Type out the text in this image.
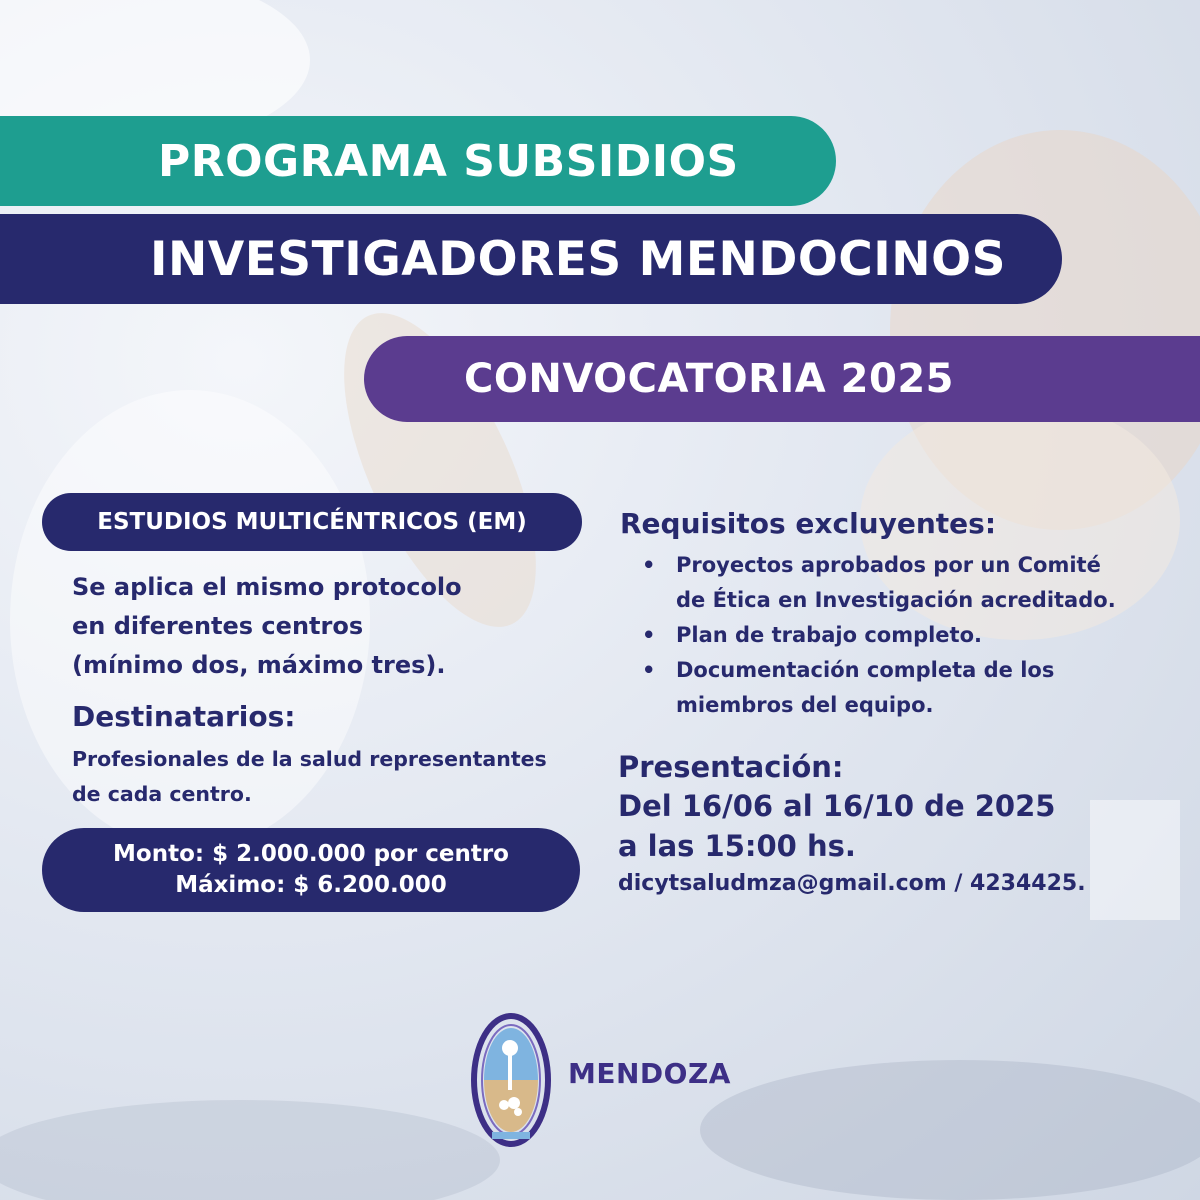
PROGRAMA SUBSIDIOS
INVESTIGADORES MENDOCINOS
CONVOCATORIA 2025
ESTUDIOS MULTICÉNTRICOS (EM)
Se aplica el mismo protocolo
en diferentes centros
(mínimo dos, máximo tres).
Destinatarios:
Profesionales de la salud representantes
de cada centro.
Monto: $ 2.000.000 por centro
Máximo: $ 6.200.000
Requisitos excluyentes:
• Proyectos aprobados por un Comité
de Ética en Investigación acreditado.
• Plan de trabajo completo.
• Documentación completa de los
miembros del equipo.
Presentación:
Del 16/06 al 16/10 de 2025
a las 15:00 hs.
dicytsaludmza@gmail.com / 4234425.
MENDOZA
